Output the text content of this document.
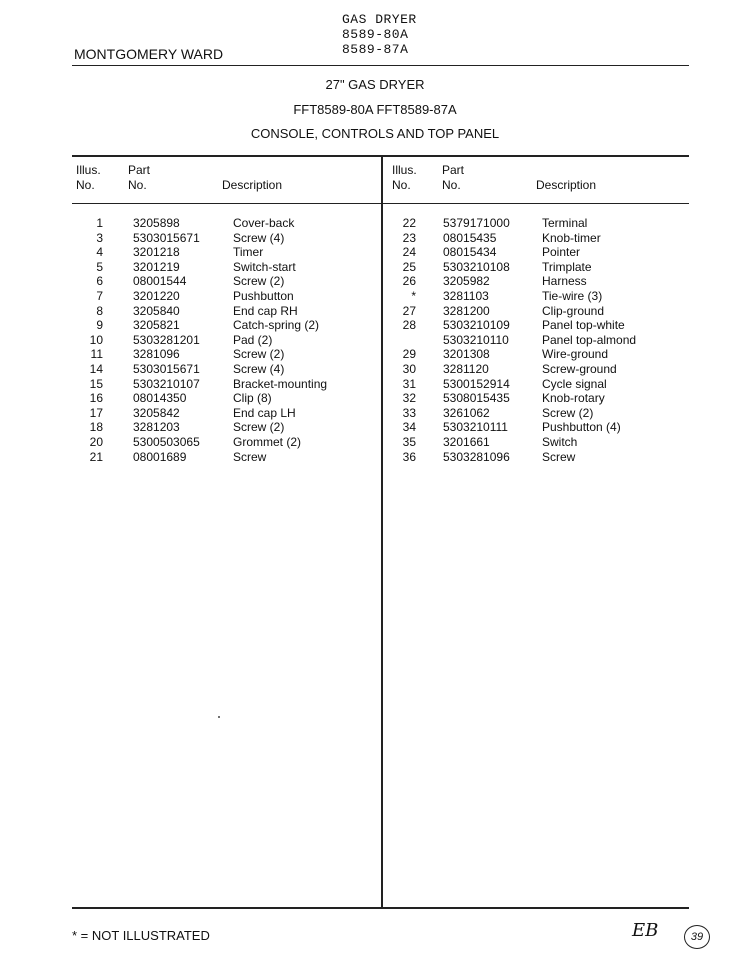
GAS DRYER
8589-80A
8589-87A
MONTGOMERY WARD
27" GAS DRYER
FFT8589-80A FFT8589-87A
CONSOLE, CONTROLS AND TOP PANEL
Illus.
No.
Part
No.	Description
1	3205898	Cover-back
3	5303015671	Screw (4)
4	3201218	Timer
5	3201219	Switch-start
6	08001544	Screw (2)
7	3201220	Pushbutton
8	3205840	End cap RH
9	3205821	Catch-spring (2)
10	5303281201	Pad (2)
11	3281096	Screw (2)
14	5303015671	Screw (4)
15	5303210107	Bracket-mounting
16	08014350	Clip (8)
17	3205842	End cap LH
18	3281203	Screw (2)
20	5300503065	Grommet (2)
21	08001689	Screw
Illus.
No.
Part
No.	Description
22 5379171000	Terminal
23 08015435	Knob-timer
24 08015434	Pointer
25 5303210108	Trimplate
26 3205982	Harness
* 3281103	Tie-wire (3)
27 3281200	Clip-ground
28 5303210109	Panel top-white
5303210110	Panel top-almond
29 3201308	Wire-ground
30 3281120	Screw-ground
31 5300152914	Cycle signal
32 5308015435	Knob-rotary
33 3261062	Screw (2)
34 5303210111	Pushbutton (4)
35 3201661	Switch
36 5303281096	Screw
* = NOT ILLUSTRATED	EB	39
